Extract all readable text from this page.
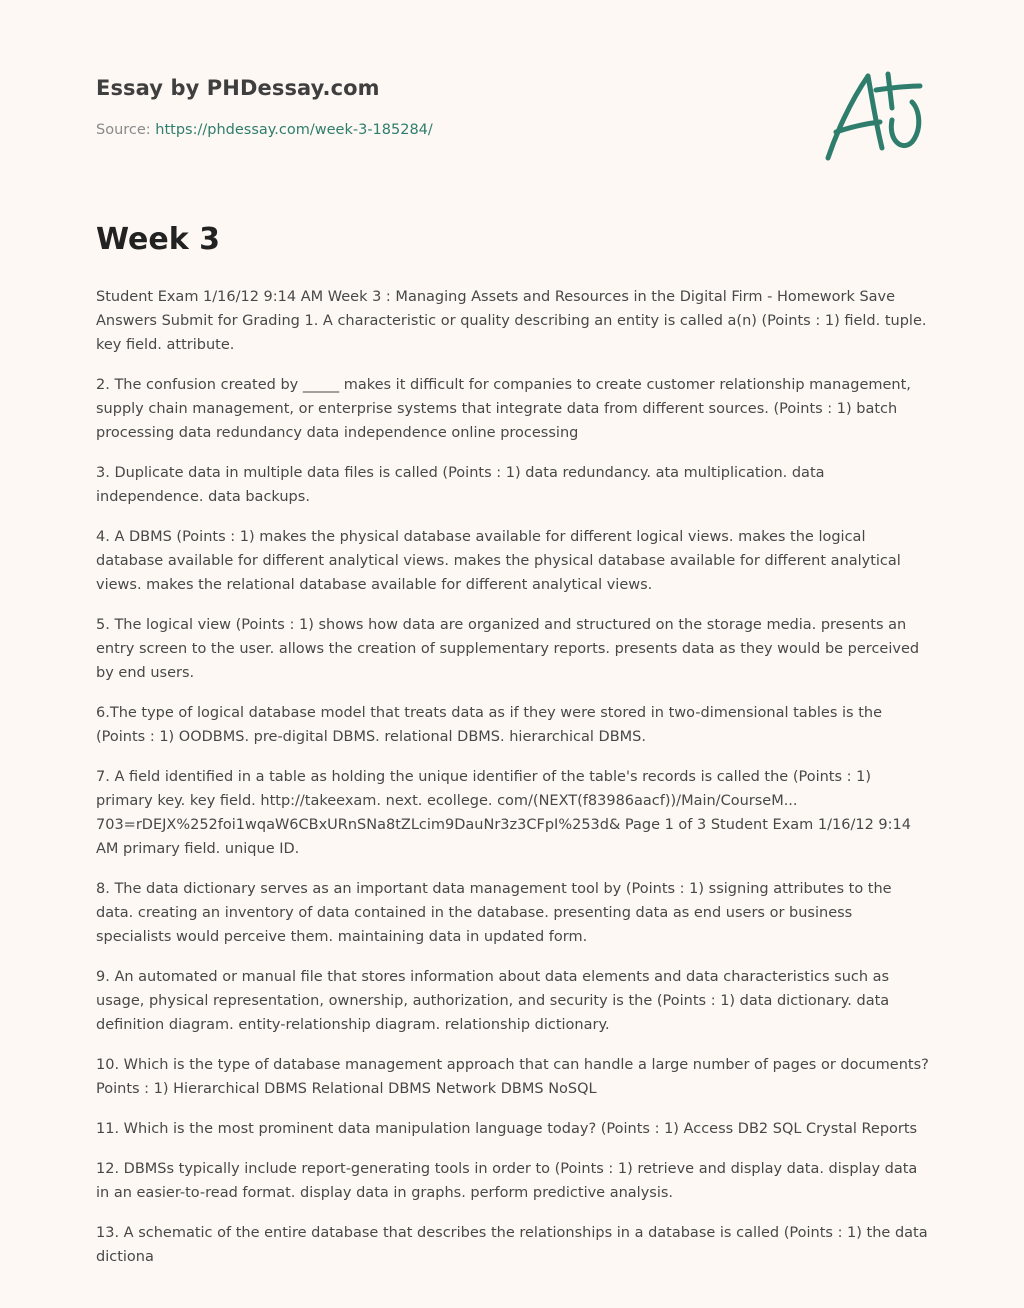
Essay by PHDessay.com
Source: https://phdessay.com/week-3-185284/
Week 3

Student Exam 1/16/12 9:14 AM Week 3 : Managing Assets and Resources in the Digital Firm - Homework Save Answers Submit for Grading 1. A characteristic or quality describing an entity is called a(n) (Points : 1) field. tuple. key field. attribute.

2. The confusion created by _____ makes it difficult for companies to create customer relationship management, supply chain management, or enterprise systems that integrate data from different sources. (Points : 1) batch processing data redundancy data independence online processing

3. Duplicate data in multiple data files is called (Points : 1) data redundancy. ata multiplication. data independence. data backups.

4. A DBMS (Points : 1) makes the physical database available for different logical views. makes the logical database available for different analytical views. makes the physical database available for different analytical views. makes the relational database available for different analytical views.

5. The logical view (Points : 1) shows how data are organized and structured on the storage media. presents an entry screen to the user. allows the creation of supplementary reports. presents data as they would be perceived by end users.

6.The type of logical database model that treats data as if they were stored in two-dimensional tables is the (Points : 1) OODBMS. pre-digital DBMS. relational DBMS. hierarchical DBMS.

7. A field identified in a table as holding the unique identifier of the table's records is called the (Points : 1) primary key. key field. http://takeexam. next. ecollege. com/(NEXT(f83986aacf))/Main/CourseM... 703=rDEJX%252foi1wqaW6CBxURnSNa8tZLcim9DauNr3z3CFpI%253d& Page 1 of 3 Student Exam 1/16/12 9:14 AM primary field. unique ID.

8. The data dictionary serves as an important data management tool by (Points : 1) ssigning attributes to the data. creating an inventory of data contained in the database. presenting data as end users or business specialists would perceive them. maintaining data in updated form.

9. An automated or manual file that stores information about data elements and data characteristics such as usage, physical representation, ownership, authorization, and security is the (Points : 1) data dictionary. data definition diagram. entity-relationship diagram. relationship dictionary.

10. Which is the type of database management approach that can handle a large number of pages or documents? Points : 1) Hierarchical DBMS Relational DBMS Network DBMS NoSQL

11. Which is the most prominent data manipulation language today? (Points : 1) Access DB2 SQL Crystal Reports

12. DBMSs typically include report-generating tools in order to (Points : 1) retrieve and display data. display data in an easier-to-read format. display data in graphs. perform predictive analysis.

13. A schematic of the entire database that describes the relationships in a database is called (Points : 1) the data dictiona
